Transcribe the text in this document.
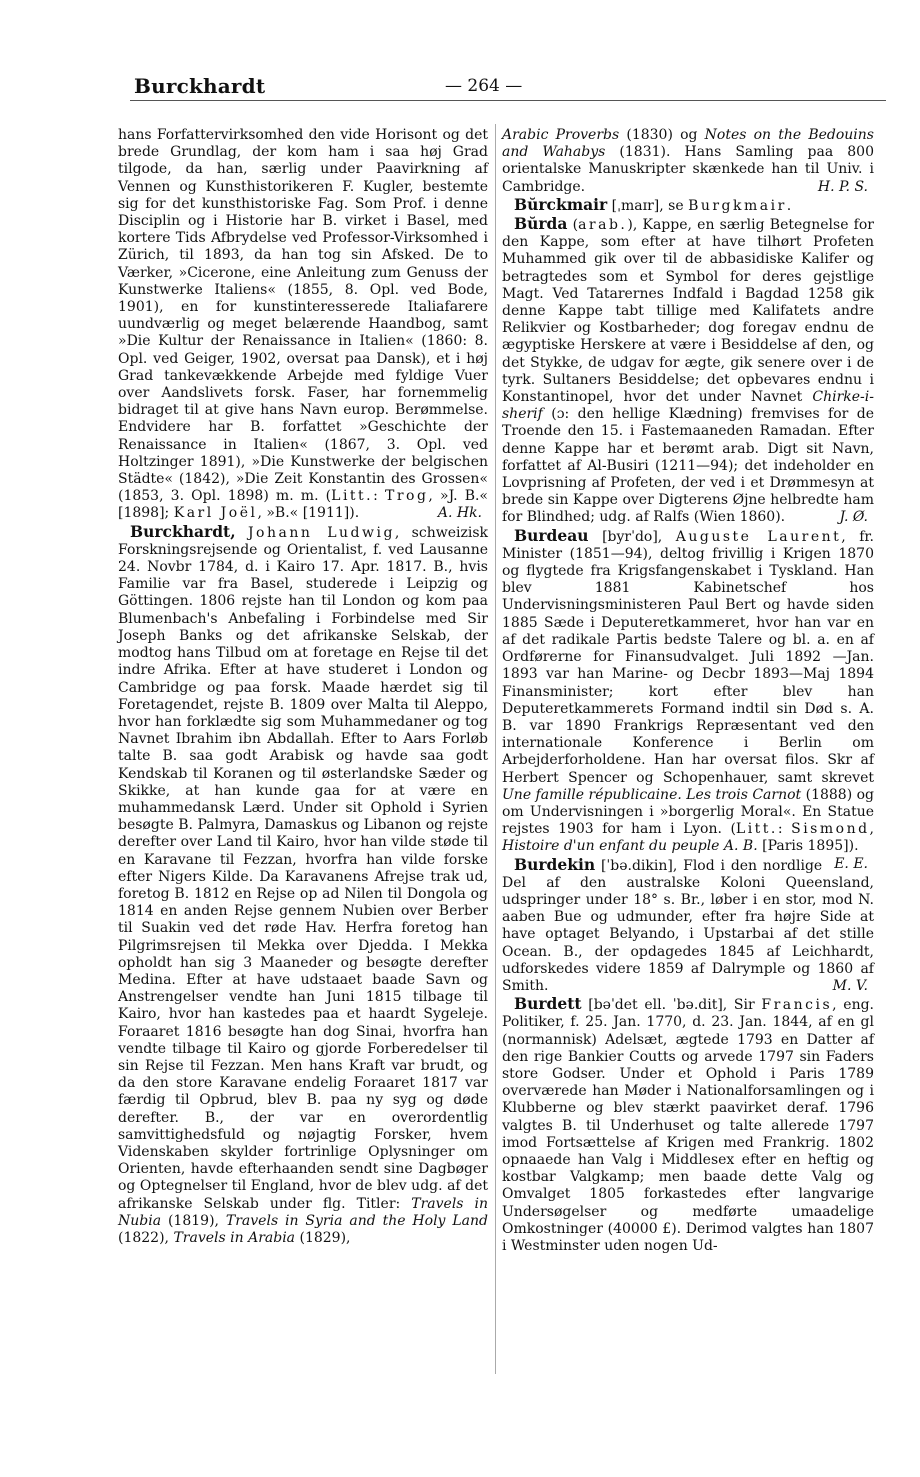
Burckhardt	— 264 —

hans Forfattervirksomhed den vide Horisont og det brede Grundlag, der kom ham i saa høj Grad tilgode, da han, særlig under Paavirkning af Vennen og Kunsthistorikeren F. Kugler, bestemte sig for det kunsthistoriske Fag. Som Prof. i denne Disciplin og i Historie har B. virket i Basel, med kortere Tids Afbrydelse ved Professor-Virksomhed i Zürich, til 1893, da han tog sin Afsked. De to Værker, »Cicerone, eine Anleitung zum Genuss der Kunstwerke Italiens« (1855, 8. Opl. ved Bode, 1901), en for kunstinteresserede Italiafarere uundværlig og meget belærende Haandbog, samt »Die Kultur der Renaissance in Italien« (1860: 8. Opl. ved Geiger, 1902, oversat paa Dansk), et i høj Grad tankevækkende Arbejde med fyldige Vuer over Aandslivets forsk. Faser, har fornemmelig bidraget til at give hans Navn europ. Berømmelse. Endvidere har B. forfattet »Geschichte der Renaissance in Italien« (1867, 3. Opl. ved Holtzinger 1891), »Die Kunstwerke der belgischen Städte« (1842), »Die Zeit Konstantin des Grossen« (1853, 3. Opl. 1898) m. m. (Litt.: Trog, »J. B.« [1898]; Karl Joël, »B.« [1911]).	A. Hk.

Burckhardt, Johann Ludwig, schweizisk Forskningsrejsende og Orientalist, f. ved Lausanne 24. Novbr 1784, d. i Kairo 17. Apr. 1817. B., hvis Familie var fra Basel, studerede i Leipzig og Göttingen. 1806 rejste han til London og kom paa Blumenbach's Anbefaling i Forbindelse med Sir Joseph Banks og det afrikanske Selskab, der modtog hans Tilbud om at foretage en Rejse til det indre Afrika. Efter at have studeret i London og Cambridge og paa forsk. Maade hærdet sig til Foretagendet, rejste B. 1809 over Malta til Aleppo, hvor han forklædte sig som Muhammedaner og tog Navnet Ibrahim ibn Abdallah. Efter to Aars Forløb talte B. saa godt Arabisk og havde saa godt Kendskab til Koranen og til østerlandske Sæder og Skikke, at han kunde gaa for at være en muhammedansk Lærd. Under sit Ophold i Syrien besøgte B. Palmyra, Damaskus og Libanon og rejste derefter over Land til Kairo, hvor han vilde støde til en Karavane til Fezzan, hvorfra han vilde forske efter Nigers Kilde. Da Karavanens Afrejse trak ud, foretog B. 1812 en Rejse op ad Nilen til Dongola og 1814 en anden Rejse gennem Nubien over Berber til Suakin ved det røde Hav. Herfra foretog han Pilgrimsrejsen til Mekka over Djedda. I Mekka opholdt han sig 3 Maaneder og besøgte derefter Medina. Efter at have udstaaet baade Savn og Anstrengelser vendte han Juni 1815 tilbage til Kairo, hvor han kastedes paa et haardt Sygeleje. Foraaret 1816 besøgte han dog Sinai, hvorfra han vendte tilbage til Kairo og gjorde Forberedelser til sin Rejse til Fezzan. Men hans Kraft var brudt, og da den store Karavane endelig Foraaret 1817 var færdig til Opbrud, blev B. paa ny syg og døde derefter. B., der var en overordentlig samvittighedsfuld og nøjagtig Forsker, hvem Videnskaben skylder fortrinlige Oplysninger om Orienten, havde efterhaanden sendt sine Dagbøger og Optegnelser til England, hvor de blev udg. af det afrikanske Selskab under flg. Titler: Travels in Nubia (1819), Travels in Syria and the Holy Land (1822), Travels in Arabia (1829),

Arabic Proverbs (1830) og Notes on the Bedouins and Wahabys (1831). Hans Samling paa 800 orientalske Manuskripter skænkede han til Univ. i Cambridge.	H. P. S.

Bŭrckmair [ˌmaɪr], se Burgkmair.

Bŭrda (arab.), Kappe, en særlig Betegnelse for den Kappe, som efter at have tilhørt Profeten Muhammed gik over til de abbasidiske Kalifer og betragtedes som et Symbol for deres gejstlige Magt. Ved Tatarernes Indfald i Bagdad 1258 gik denne Kappe tabt tillige med Kalifatets andre Relikvier og Kostbarheder; dog foregav endnu de ægyptiske Herskere at være i Besiddelse af den, og det Stykke, de udgav for ægte, gik senere over i de tyrk. Sultaners Besiddelse; det opbevares endnu i Konstantinopel, hvor det under Navnet Chirke-i-sherif (ɔ: den hellige Klædning) fremvises for de Troende den 15. i Fastemaaneden Ramadan. Efter denne Kappe har et berømt arab. Digt sit Navn, forfattet af Al-Busiri (1211—94); det indeholder en Lovprisning af Profeten, der ved i et Drømmesyn at brede sin Kappe over Digterens Øjne helbredte ham for Blindhed; udg. af Ralfs (Wien 1860).	J. Ø.

Burdeau [byrˈdo], Auguste Laurent, fr. Minister (1851—94), deltog frivillig i Krigen 1870 og flygtede fra Krigsfangenskabet i Tyskland. Han blev 1881 Kabinetschef hos Undervisningsministeren Paul Bert og havde siden 1885 Sæde i Deputeretkammeret, hvor han var en af det radikale Partis bedste Talere og bl. a. en af Ordførerne for Finansudvalget. Juli 1892 —Jan. 1893 var han Marine- og Decbr 1893—Maj 1894 Finansminister; kort efter blev han Deputeretkammerets Formand indtil sin Død s. A. B. var 1890 Frankrigs Repræsentant ved den internationale Konference i Berlin om Arbejderforholdene. Han har oversat filos. Skr af Herbert Spencer og Schopenhauer, samt skrevet Une famille républicaine. Les trois Carnot (1888) og om Undervisningen i »borgerlig Moral«. En Statue rejstes 1903 for ham i Lyon. (Litt.: Sismond, Histoire d'un enfant du peuple A. B. [Paris 1895]).
E. E.

Burdekin [ˈbə.dikin], Flod i den nordlige Del af den australske Koloni Queensland, udspringer under 18° s. Br., løber i en stor, mod N. aaben Bue og udmunder, efter fra højre Side at have optaget Belyando, i Upstarbai af det stille Ocean. B., der opdagedes 1845 af Leichhardt, udforskedes videre 1859 af Dalrymple og 1860 af Smith.	M. V.

Burdett [bəˈdet ell. ˈbə.dit], Sir Francis, eng. Politiker, f. 25. Jan. 1770, d. 23. Jan. 1844, af en gl (normannisk) Adelsæt, ægtede 1793 en Datter af den rige Bankier Coutts og arvede 1797 sin Faders store Godser. Under et Ophold i Paris 1789 overværede han Møder i Nationalforsamlingen og i Klubberne og blev stærkt paavirket deraf. 1796 valgtes B. til Underhuset og talte allerede 1797 imod Fortsættelse af Krigen med Frankrig. 1802 opnaaede han Valg i Middlesex efter en heftig og kostbar Valgkamp; men baade dette Valg og Omvalget 1805 forkastedes efter langvarige Undersøgelser og medførte umaadelige Omkostninger (40000 £). Derimod valgtes han 1807 i Westminster uden nogen Ud-
